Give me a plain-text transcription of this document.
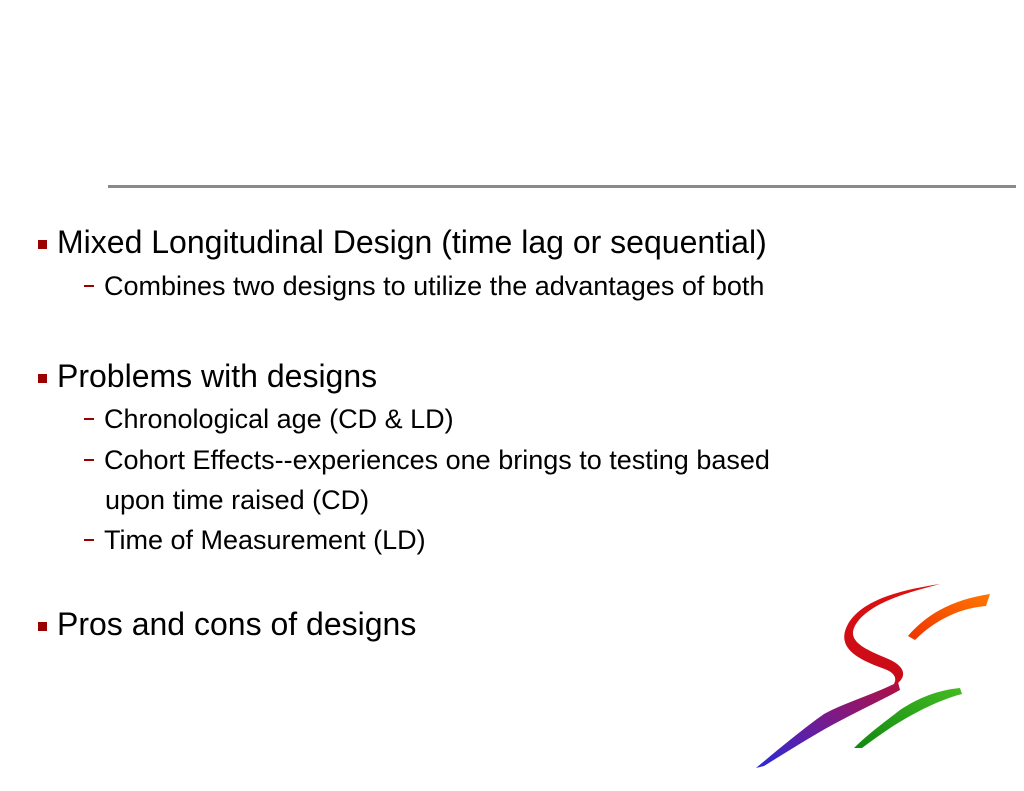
Mixed Longitudinal Design (time lag or sequential)
Combines two designs to utilize the advantages of both
Problems with designs
Chronological age (CD & LD)
Cohort Effects--experiences one brings to testing based
upon time raised (CD)
Time of Measurement (LD)
Pros and cons of designs
